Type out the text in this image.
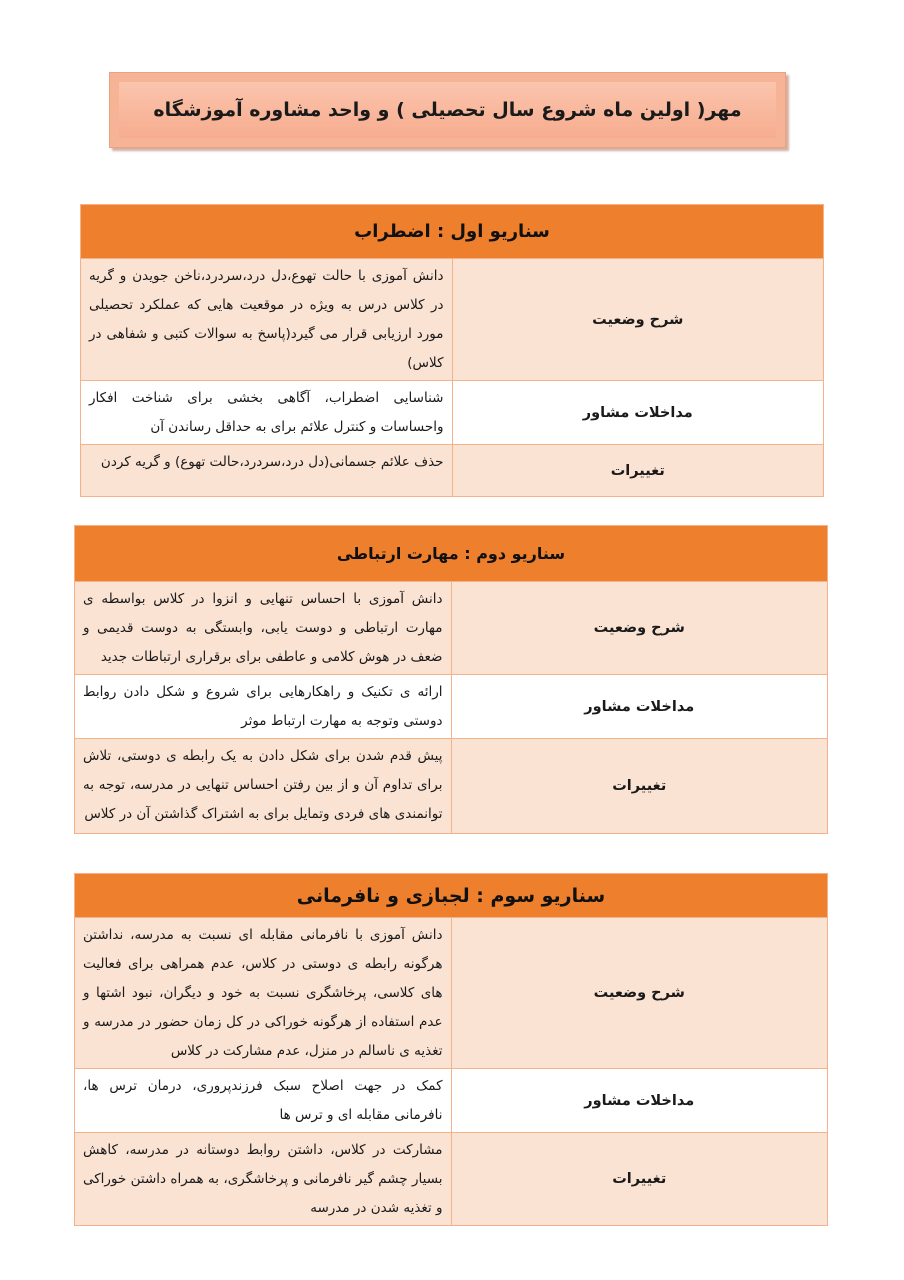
مهر( اولین ماه شروع سال تحصیلی ) و واحد مشاوره آموزشگاه
سناریو اول : اضطراب	
شرح وضعیت	دانش آموزی با حالت تهوع،دل درد،سردرد،ناخن جویدن و گریه در کلاس درس به ویژه در موقعیت هایی که عملکرد تحصیلی مورد ارزیابی قرار می گیرد(پاسخ به سوالات کتبی و شفاهی در کلاس)
مداخلات مشاور	شناسایی اضطراب، آگاهی بخشی برای شناخت افکار واحساسات و کنترل علائم برای به حداقل رساندن آن
تغییرات	حذف علائم جسمانی(دل درد،سردرد،حالت تهوع) و گریه کردن
سناریو دوم : مهارت ارتباطی	
شرح وضعیت	دانش آموزی با احساس تنهایی و انزوا در کلاس بواسطه ی مهارت ارتباطی و دوست یابی، وابستگی به دوست قدیمی و ضعف در هوش کلامی و عاطفی برای برقراری ارتباطات جدید
مداخلات مشاور	ارائه ی تکنیک و راهکارهایی برای شروع و شکل دادن روابط دوستی وتوجه به مهارت ارتباط موثر
تغییرات	پیش قدم شدن برای شکل دادن به یک رابطه ی دوستی، تلاش برای تداوم آن و از بین رفتن احساس تنهایی در مدرسه، توجه به توانمندی های فردی وتمایل برای به اشتراک گذاشتن آن در کلاس
سناریو سوم : لجبازی و نافرمانی	
شرح وضعیت	دانش آموزی با نافرمانی مقابله ای نسبت به مدرسه، نداشتن هرگونه رابطه ی دوستی در کلاس، عدم همراهی برای فعالیت های کلاسی، پرخاشگری نسبت به خود و دیگران، نبود اشتها و عدم استفاده از هرگونه خوراکی در کل زمان حضور در مدرسه و تغذیه ی ناسالم در منزل، عدم مشارکت در کلاس
مداخلات مشاور	کمک در جهت اصلاح سبک فرزندپروری، درمان ترس ها، نافرمانی مقابله ای و ترس ها
تغییرات	مشارکت در کلاس، داشتن روابط دوستانه در مدرسه، کاهش بسیار چشم گیر نافرمانی و پرخاشگری، به همراه داشتن خوراکی و تغذیه شدن در مدرسه
